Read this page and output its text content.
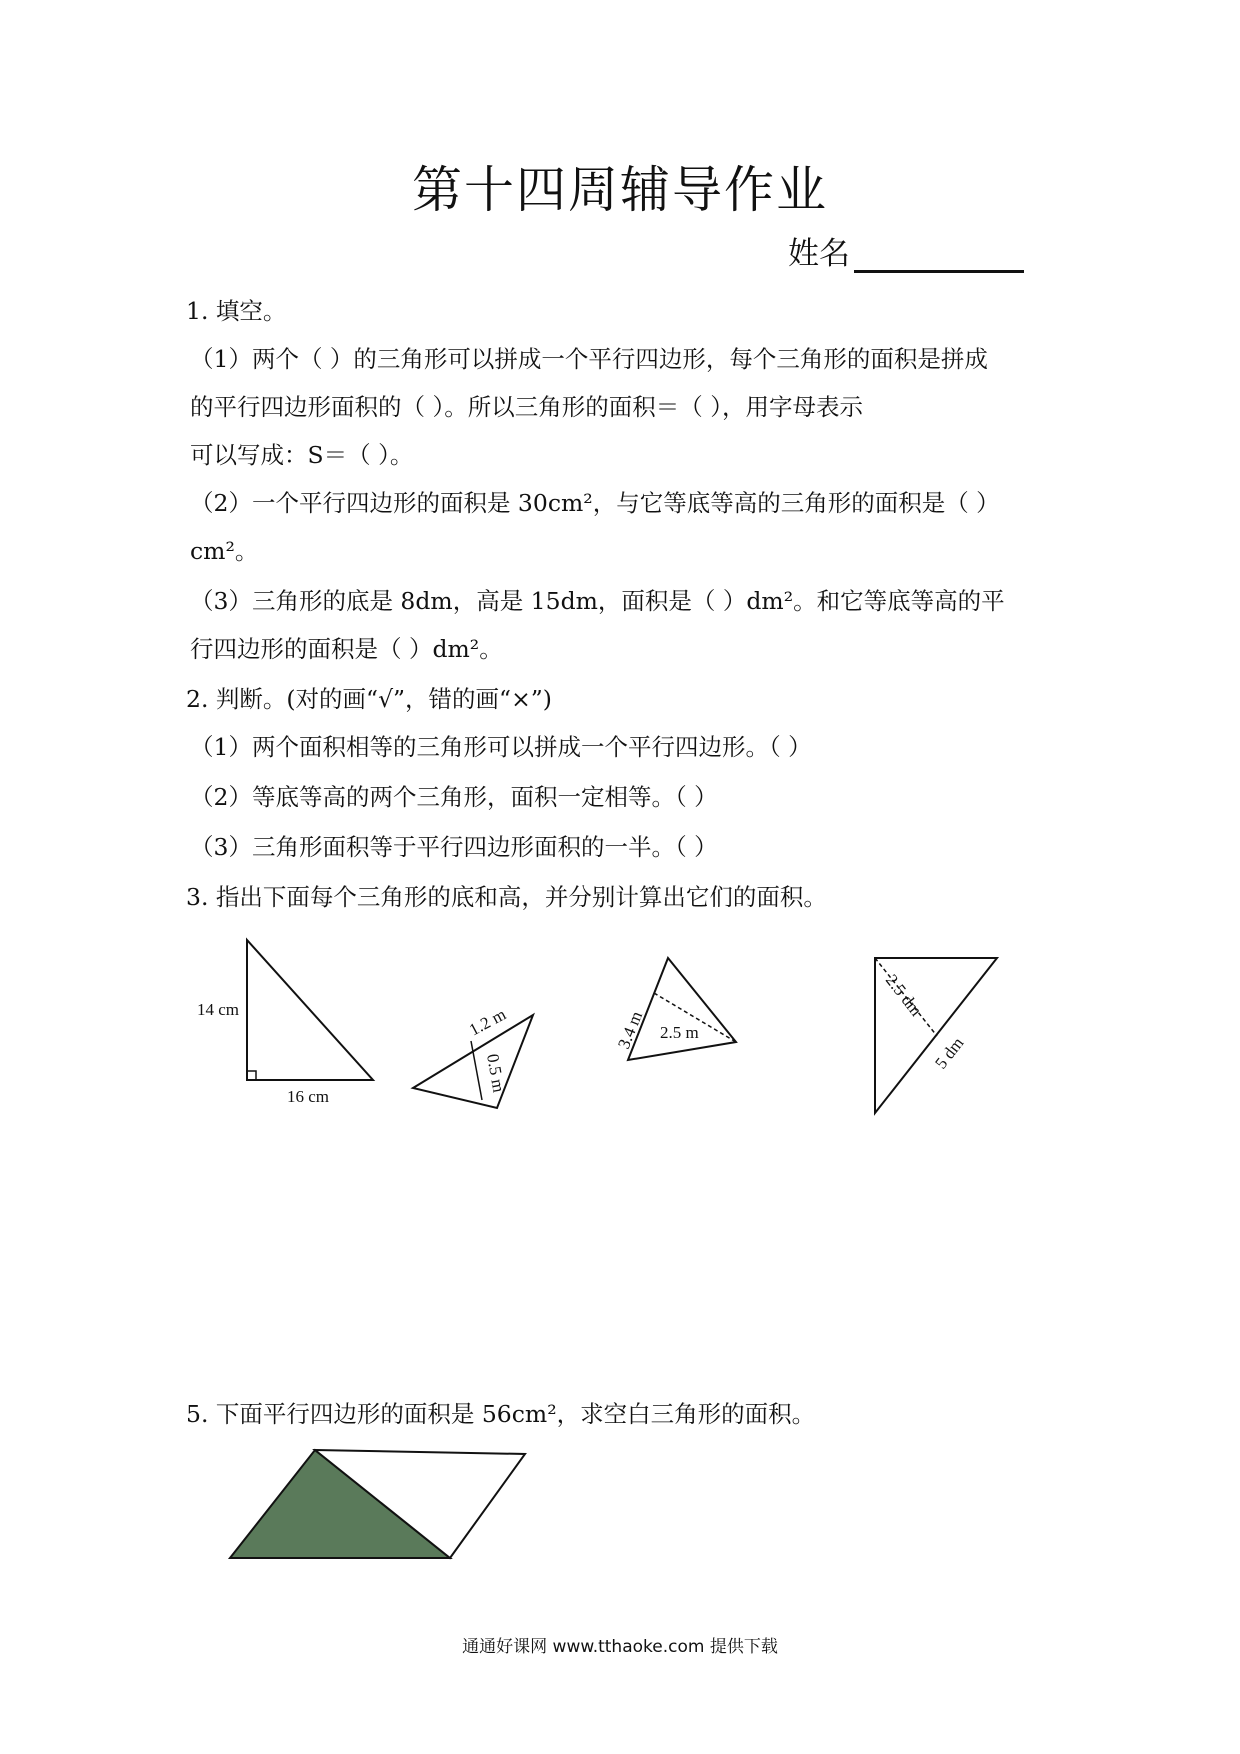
第十四周辅导作业
姓名
1. 填空。
（1）两个（ ）的三角形可以拼成一个平行四边形，每个三角形的面积是拼成
的平行四边形面积的（ ）。所以三角形的面积＝（ ），用字母表示
可以写成：S＝（ ）。
（2）一个平行四边形的面积是 30cm²，与它等底等高的三角形的面积是（ ）
cm²。
（3）三角形的底是 8dm，高是 15dm，面积是（ ）dm²。和它等底等高的平
行四边形的面积是（ ）dm²。
2. 判断。(对的画“√”，错的画“×”)
（1）两个面积相等的三角形可以拼成一个平行四边形。（ ）
（2）等底等高的两个三角形，面积一定相等。（ ）
（3）三角形面积等于平行四边形面积的一半。（ ）
3. 指出下面每个三角形的底和高，并分别计算出它们的面积。
14 cm
16 cm
1.2 m
0.5 m
3.4 m 2.5 m
2.5 dm
5 dm
5. 下面平行四边形的面积是 56cm²，求空白三角形的面积。
通通好课网 www.tthaoke.com 提供下载
